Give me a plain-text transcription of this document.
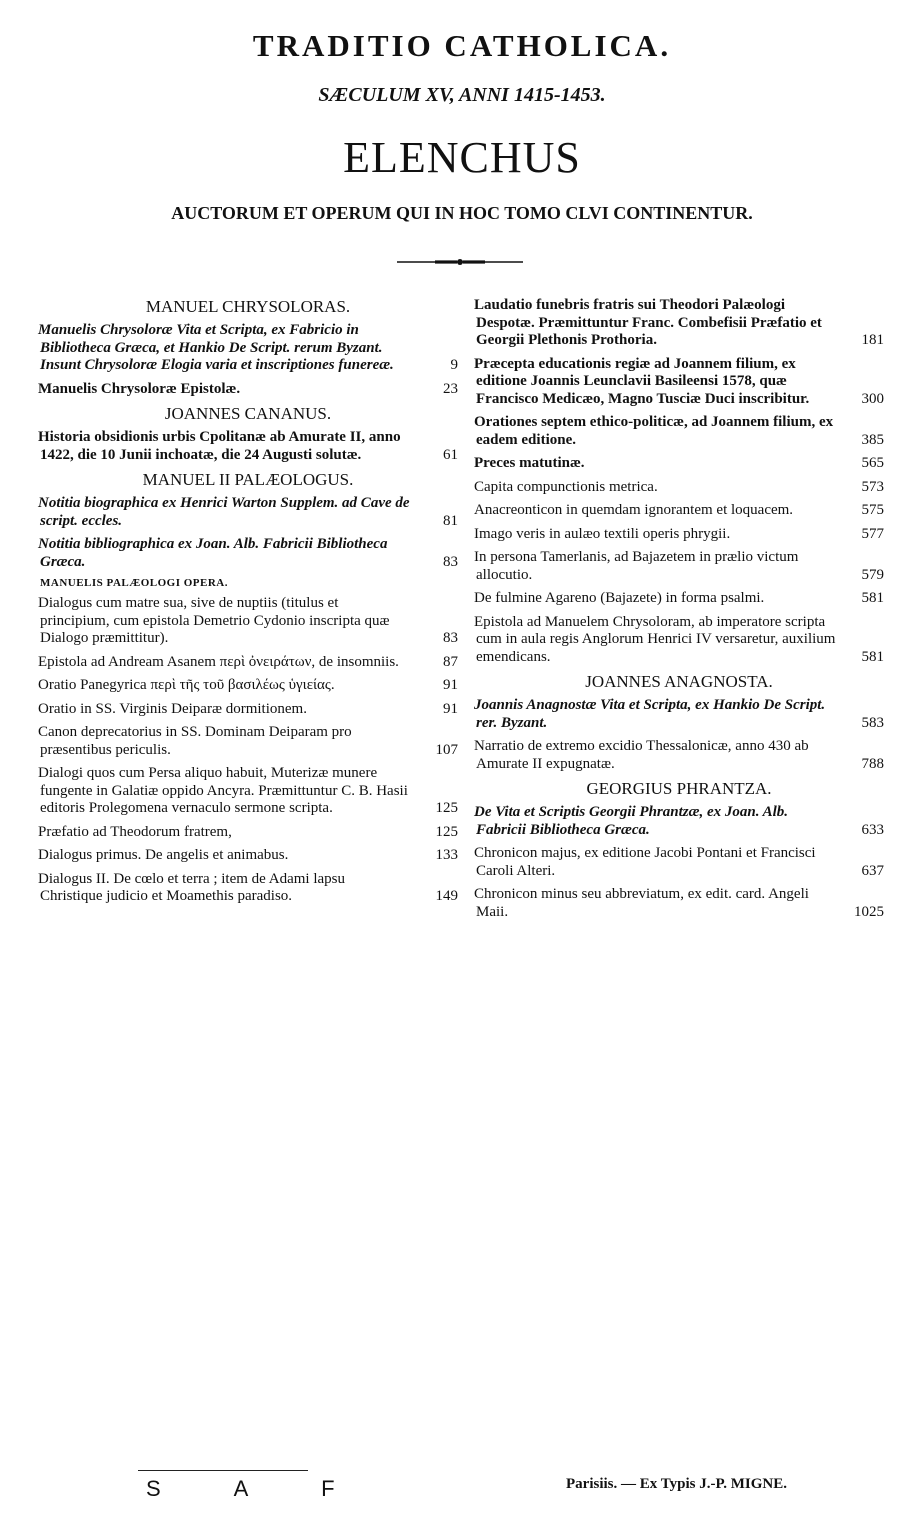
TRADITIO CATHOLICA.
SÆCULUM XV, ANNI 1415-1453.
ELENCHUS
AUCTORUM ET OPERUM QUI IN HOC TOMO CLVI CONTINENTUR.
MANUEL CHRYSOLORAS.
Manuelis Chrysoloræ Vita et Scripta, ex Fabricio in Bibliotheca Græca, et Hankio De Script. rerum Byzant. Insunt Chrysoloræ Elogia varia et inscriptiones funereæ.	9
Manuelis Chrysoloræ Epistolæ.	23
JOANNES CANANUS.
Historia obsidionis urbis Cpolitanæ ab Amurate II, anno 1422, die 10 Junii inchoatæ, die 24 Augusti solutæ.	61
MANUEL II PALÆOLOGUS.
Notitia biographica ex Henrici Warton Supplem. ad Cave de script. eccles.	81
Notitia bibliographica ex Joan. Alb. Fabricii Bibliotheca Græca.	83
MANUELIS PALÆOLOGI OPERA.
Dialogus cum matre sua, sive de nuptiis (titulus et principium, cum epistola Demetrio Cydonio inscripta quæ Dialogo præmittitur).	83
Epistola ad Andream Asanem περὶ ὀνειράτων, de insomniis.	87
Oratio Panegyrica περὶ τῆς τοῦ βασιλέως ὑγιείας.	91
Oratio in SS. Virginis Deiparæ dormitionem.	91
Canon deprecatorius in SS. Dominam Deiparam pro præsentibus periculis.	107
Dialogi quos cum Persa aliquo habuit, Muterizæ munere fungente in Galatiæ oppido Ancyra. Præmittuntur C. B. Hasii editoris Prolegomena vernaculo sermone scripta.	125
Præfatio ad Theodorum fratrem,	125
Dialogus primus. De angelis et animabus.	133
Dialogus II. De cœlo et terra ; item de Adami lapsu Christique judicio et Moamethis paradiso.	149
Laudatio funebris fratris sui Theodori Palæologi Despotæ. Præmittuntur Franc. Combefisii Præfatio et Georgii Plethonis Prothoria.	181
Præcepta educationis regiæ ad Joannem filium, ex editione Joannis Leunclavii Basileensi 1578, quæ Francisco Medicæo, Magno Tusciæ Duci inscribitur.	300
Orationes septem ethico-politicæ, ad Joannem filium, ex eadem editione.	385
Preces matutinæ.	565
Capita compunctionis metrica.	573
Anacreonticon in quemdam ignorantem et loquacem.	575
Imago veris in aulæo textili operis phrygii.	577
In persona Tamerlanis, ad Bajazetem in prælio victum allocutio.	579
De fulmine Agareno (Bajazete) in forma psalmi.	581
Epistola ad Manuelem Chrysoloram, ab imperatore scripta cum in aula regis Anglorum Henrici IV versaretur, auxilium emendicans.	581
JOANNES ANAGNOSTA.
Joannis Anagnostæ Vita et Scripta, ex Hankio De Script. rer. Byzant.	583
Narratio de extremo excidio Thessalonicæ, anno 430 ab Amurate II expugnatæ.	788
GEORGIUS PHRANTZA.
De Vita et Scriptis Georgii Phrantzæ, ex Joan. Alb. Fabricii Bibliotheca Græca.	633
Chronicon majus, ex editione Jacobi Pontani et Francisci Caroli Alteri.	637
Chronicon minus seu abbreviatum, ex edit. card. Angeli Maii.	1025
S A F	Parisiis. — Ex Typis J.-P. MIGNE.
